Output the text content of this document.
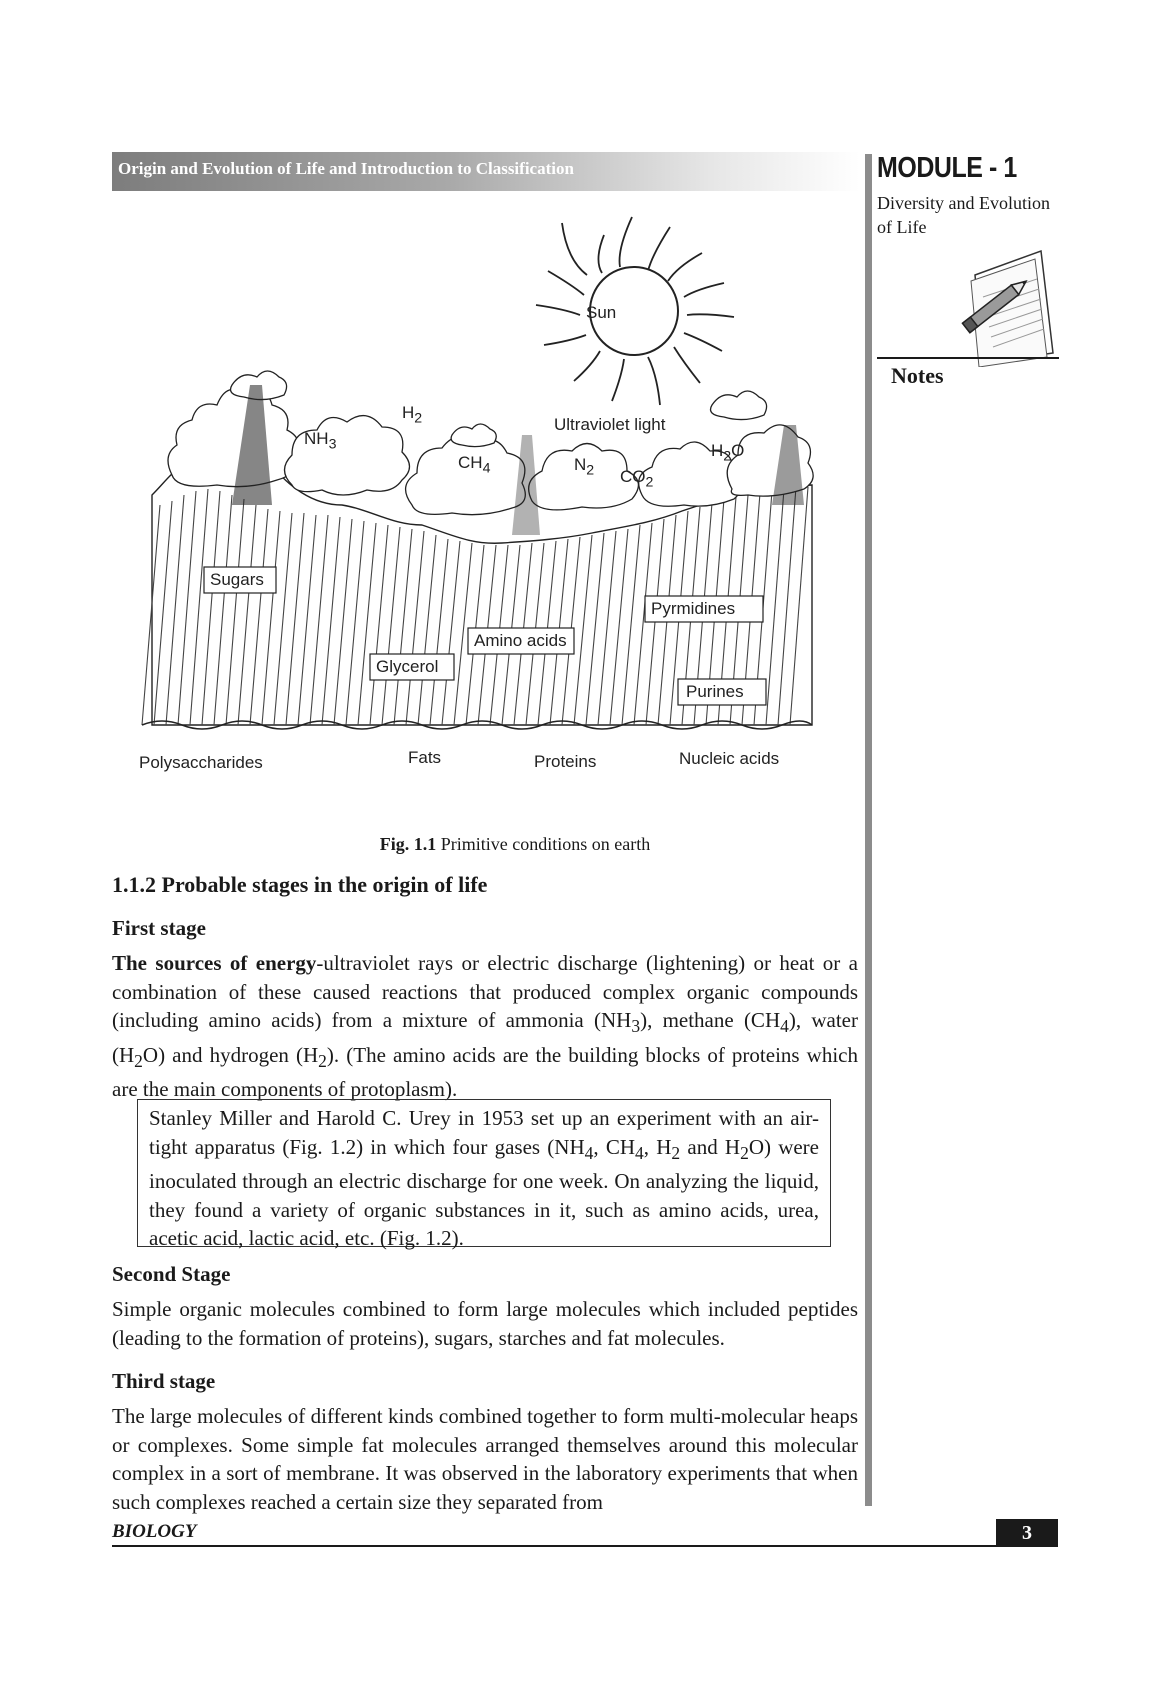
Origin and Evolution of Life and Introduction to Classification	MODULE - 1
Diversity and Evolution
of Life
Notes
Sun
Ultraviolet light
$H_2$
$NH_3$
$CH_4$	$N_2$ $CO_2$
$H_2O$
Sugars
Amino acids
Glycerol
Pyrmidines
Purines
Polysaccharides	Fats	Proteins	Nucleic acids
Fig. 1.1 Primitive conditions on earth
1.1.2 Probable stages in the origin of life
First stage
The sources of energy-ultraviolet rays or electric discharge (lightening) or heat or a combination of these caused reactions that produced complex organic compounds (including amino acids) from a mixture of ammonia $(NH_3)$, methane $(CH_4)$, water $(H_2O)$ and hydrogen $(H_2)$. (The amino acids are the building blocks of proteins which are the main components of protoplasm).
Stanley Miller and Harold C. Urey in 1953 set up an experiment with an air-tight apparatus (Fig. 1.2) in which four gases ($NH_4$, $CH_4$, $H_2$ and $H_2O$) were inoculated through an electric discharge for one week. On analyzing the liquid, they found a variety of organic substances in it, such as amino acids, urea, acetic acid, lactic acid, etc. (Fig. 1.2).
Second Stage
Simple organic molecules combined to form large molecules which included peptides (leading to the formation of proteins), sugars, starches and fat molecules.
Third stage
The large molecules of different kinds combined together to form multi-molecular heaps or complexes. Some simple fat molecules arranged themselves around this molecular complex in a sort of membrane. It was observed in the laboratory experiments that when such complexes reached a certain size they separated from
BIOLOGY	3
